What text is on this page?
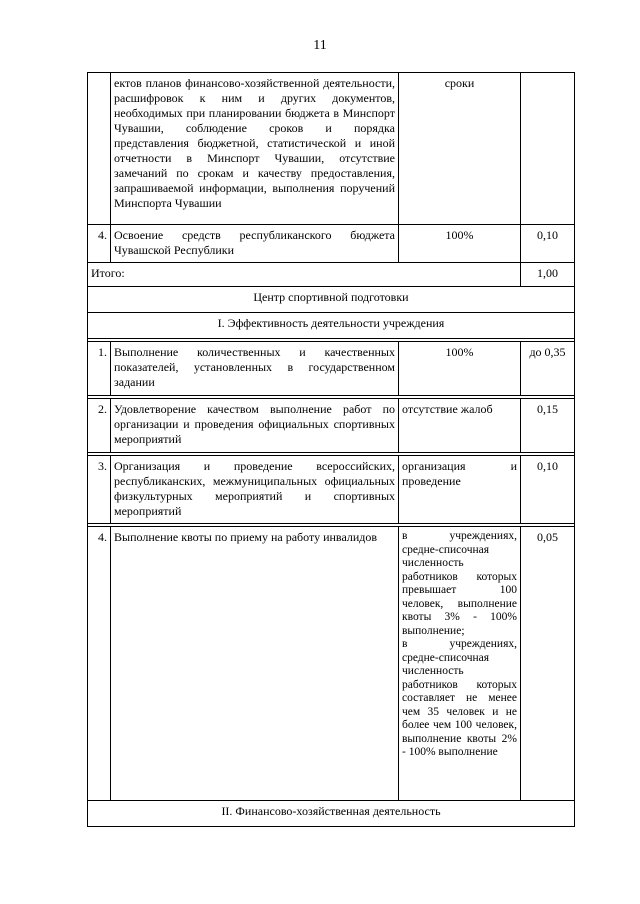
11
	ектов планов финансово-хозяйственной деятельности, расшифровок к ним и других документов, необходимых при планировании бюджета в Минспорт Чувашии, соблюдение сроков и порядка представления бюджетной, статистической и иной отчетности в Минспорт Чувашии, отсутствие замечаний по срокам и качеству предоставления, запрашиваемой информации, выполнения поручений Минспорта Чувашии	сроки	
4.	Освоение средств республиканского бюджета Чувашской Республики	100%	0,10
Итого:			1,00
Центр спортивной подготовки			
I. Эффективность деятельности учреждения			

1.	Выполнение количественных и качественных показателей, установленных в государственном задании	100%	до 0,35

2.	Удовлетворение качеством выполнение работ по организации и проведения официальных спортивных мероприятий	отсутствие жалоб	0,15

3.	Организация и проведение всероссийских, республиканских, межмуниципальных официальных физкультурных мероприятий и спортивных мероприятий	организация и проведение	0,10

4.	Выполнение квоты по приему на работу инвалидов	в учреждениях, средне-списочная численность работников которых превышает 100 человек, выполнение квоты 3% - 100% выполнение;
в учреждениях, средне-списочная численность работников которых составляет не менее чем 35 человек и не более чем 100 человек, выполнение квоты 2% - 100% выполнение	0,05
II. Финансово-хозяйственная деятельность			
